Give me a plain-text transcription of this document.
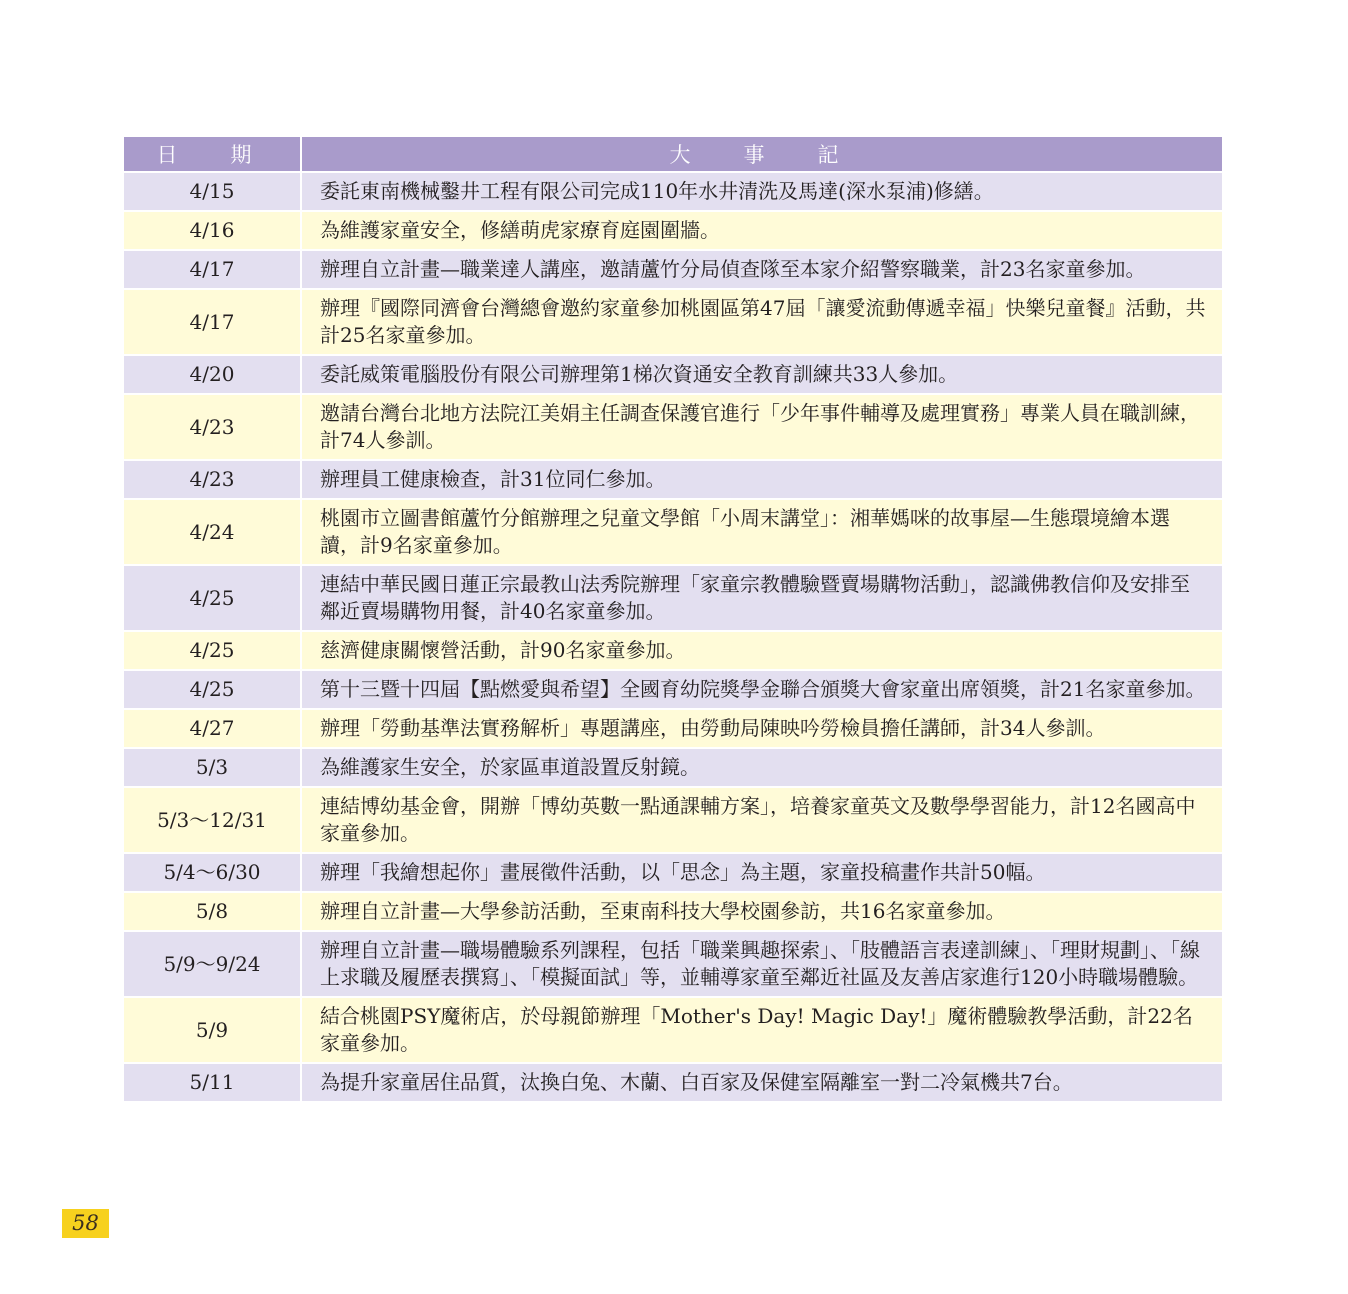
日　期	大　事　記
4/15	委託東南機械鑿井工程有限公司完成110年水井清洗及馬達(深水泵浦)修繕。
4/16	為維護家童安全，修繕萌虎家療育庭園圍牆。
4/17	辦理自立計畫—職業達人講座，邀請蘆竹分局偵查隊至本家介紹警察職業，計23名家童參加。
4/17	辦理『國際同濟會台灣總會邀約家童參加桃園區第47屆「讓愛流動傳遞幸福」快樂兒童餐』活動，共計25名家童參加。
4/20	委託威策電腦股份有限公司辦理第1梯次資通安全教育訓練共33人參加。
4/23	邀請台灣台北地方法院江美娟主任調查保護官進行「少年事件輔導及處理實務」專業人員在職訓練，計74人參訓。
4/23	辦理員工健康檢查，計31位同仁參加。
4/24	桃園市立圖書館蘆竹分館辦理之兒童文學館「小周末講堂」：湘華媽咪的故事屋—生態環境繪本選讀，計9名家童參加。
4/25	連結中華民國日蓮正宗最教山法秀院辦理「家童宗教體驗暨賣場購物活動」，認識佛教信仰及安排至鄰近賣場購物用餐，計40名家童參加。
4/25	慈濟健康關懷營活動，計90名家童參加。
4/25	第十三暨十四屆【點燃愛與希望】全國育幼院獎學金聯合頒獎大會家童出席領獎，計21名家童參加。
4/27	辦理「勞動基準法實務解析」專題講座，由勞動局陳映吟勞檢員擔任講師，計34人參訓。
5/3	為維護家生安全，於家區車道設置反射鏡。
5/3～12/31	連結博幼基金會，開辦「博幼英數一點通課輔方案」，培養家童英文及數學學習能力，計12名國高中家童參加。
5/4～6/30	辦理「我繪想起你」畫展徵件活動，以「思念」為主題，家童投稿畫作共計50幅。
5/8	辦理自立計畫—大學參訪活動，至東南科技大學校園參訪，共16名家童參加。
5/9～9/24	辦理自立計畫—職場體驗系列課程，包括「職業興趣探索」、「肢體語言表達訓練」、「理財規劃」、「線上求職及履歷表撰寫」、「模擬面試」等，並輔導家童至鄰近社區及友善店家進行120小時職場體驗。
5/9	結合桃園PSY魔術店，於母親節辦理「Mother's Day! Magic Day!」魔術體驗教學活動，計22名家童參加。
5/11	為提升家童居住品質，汰換白兔、木蘭、白百家及保健室隔離室一對二冷氣機共7台。
58
